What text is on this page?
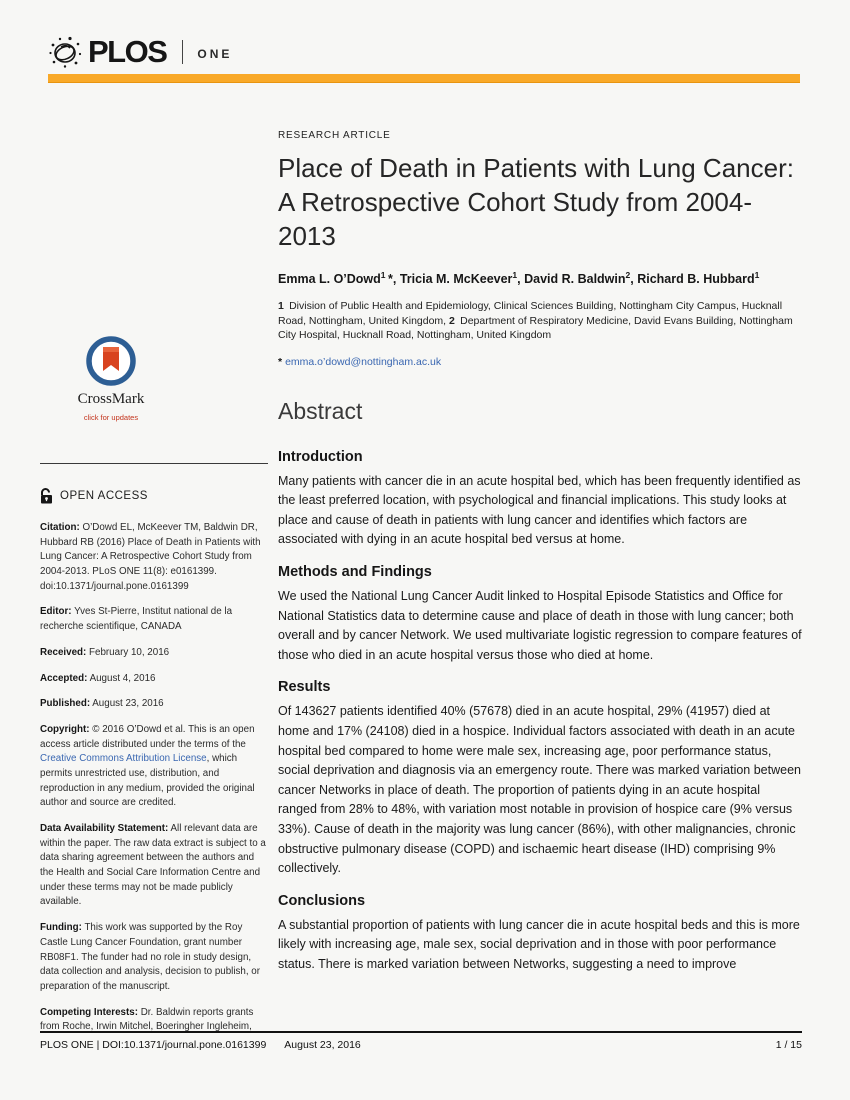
PLOS	ONE
CrossMark
click for updates
OPEN ACCESS

Citation: O’Dowd EL, McKeever TM, Baldwin DR, Hubbard RB (2016) Place of Death in Patients with Lung Cancer: A Retrospective Cohort Study from 2004-2013. PLoS ONE 11(8): e0161399. doi:10.1371/journal.pone.0161399

Editor: Yves St-Pierre, Institut national de la recherche scientifique, CANADA

Received: February 10, 2016

Accepted: August 4, 2016

Published: August 23, 2016

Copyright: © 2016 O’Dowd et al. This is an open access article distributed under the terms of the Creative Commons Attribution License, which permits unrestricted use, distribution, and reproduction in any medium, provided the original author and source are credited.

Data Availability Statement: All relevant data are within the paper. The raw data extract is subject to a data sharing agreement between the authors and the Health and Social Care Information Centre and under these terms may not be made publicly available.

Funding: This work was supported by the Roy Castle Lung Cancer Foundation, grant number RB08F1. The funder had no role in study design, data collection and analysis, decision to publish, or preparation of the manuscript.

Competing Interests: Dr. Baldwin reports grants from Roche, Irwin Mitchel, Boeringher Ingleheim,

RESEARCH ARTICLE

Place of Death in Patients with Lung Cancer:
A Retrospective Cohort Study from 2004-
2013

Emma L. O’Dowd$^1$ *, Tricia M. McKeever$^1$, David R. Baldwin$^2$, Richard B. Hubbard$^1$

1 Division of Public Health and Epidemiology, Clinical Sciences Building, Nottingham City Campus, Hucknall Road, Nottingham, United Kingdom, 2 Department of Respiratory Medicine, David Evans Building, Nottingham City Hospital, Hucknall Road, Nottingham, United Kingdom

* emma.o’dowd@nottingham.ac.uk

Abstract
Introduction

Many patients with cancer die in an acute hospital bed, which has been frequently identified as the least preferred location, with psychological and financial implications. This study looks at place and cause of death in patients with lung cancer and identifies which factors are associated with dying in an acute hospital bed versus at home.

Methods and Findings

We used the National Lung Cancer Audit linked to Hospital Episode Statistics and Office for National Statistics data to determine cause and place of death in those with lung cancer; both overall and by cancer Network. We used multivariate logistic regression to compare features of those who died in an acute hospital versus those who died at home.

Results

Of 143627 patients identified 40% (57678) died in an acute hospital, 29% (41957) died at home and 17% (24108) died in a hospice. Individual factors associated with death in an acute hospital bed compared to home were male sex, increasing age, poor performance status, social deprivation and diagnosis via an emergency route. There was marked variation between cancer Networks in place of death. The proportion of patients dying in an acute hospital ranged from 28% to 48%, with variation most notable in provision of hospice care (9% versus 33%). Cause of death in the majority was lung cancer (86%), with other malignancies, chronic obstructive pulmonary disease (COPD) and ischaemic heart disease (IHD) comprising 9% collectively.

Conclusions

A substantial proportion of patients with lung cancer die in acute hospital beds and this is more likely with increasing age, male sex, social deprivation and in those with poor performance status. There is marked variation between Networks, suggesting a need to improve

PLOS ONE | DOI:10.1371/journal.pone.0161399 August 23, 2016	1 / 15
